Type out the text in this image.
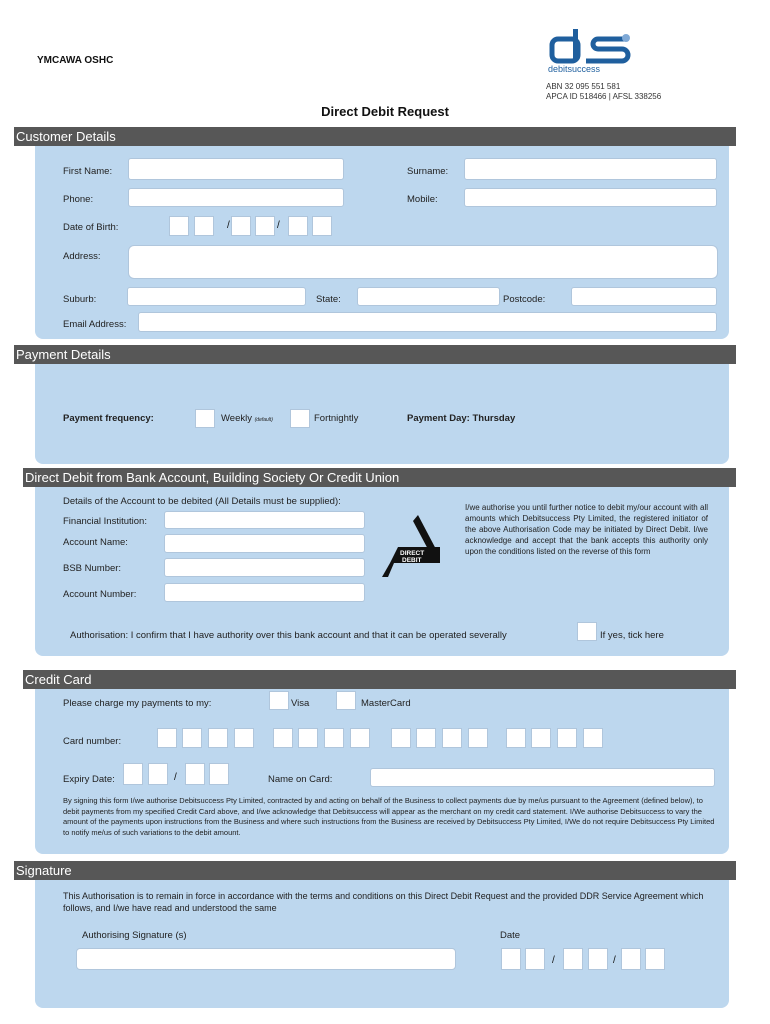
YMCAWA OSHC
debitsuccess
ABN 32 095 551 581
APCA ID 518466 | AFSL 338256
Direct Debit Request
Customer Details
First Name:	Surname:
Phone:	Mobile:
Date of Birth:	/	/
Address:
Suburb:	State:	Postcode:
Email Address:
Payment Details
Payment frequency:	Weekly (default)	Fortnightly	Payment Day: Thursday
Direct Debit from Bank Account, Building Society Or Credit Union
Details of the Account to be debited (All Details must be supplied):
Financial Institution:
Account Name:
BSB Number:
Account Number:
DIRECT
DEBIT
I/we authorise you until further notice to debit my/our account with all amounts which Debitsuccess Pty Limited, the registered initiator of the above Authorisation Code may be initiated by Direct Debit. I/we acknowledge and accept that the bank accepts this authority only upon the conditions listed on the reverse of this form
Authorisation: I confirm that I have authority over this bank account and that it can be operated severally	If yes, tick here
Credit Card
Please charge my payments to my:	Visa	MasterCard
Card number:
Expiry Date:	/	Name on Card:
By signing this form I/we authorise Debitsuccess Pty Limited, contracted by and acting on behalf of the Business to collect payments due by me/us pursuant to the Agreement (defined below), to debit payments from my specified Credit Card above, and I/we acknowledge that Debitsuccess will appear as the merchant on my credit card statement. I/We authorise Debitsuccess to vary the amount of the payments upon instructions from the Business and where such instructions from the Business are received by Debitsuccess Pty Limited, I/We do not require Debitsuccess Pty Limited to notify me/us of such variations to the debit amount.
Signature
This Authorisation is to remain in force in accordance with the terms and conditions on this Direct Debit Request and the provided DDR Service Agreement which follows, and I/we have read and understood the same
Authorising Signature (s)	Date
/	/
